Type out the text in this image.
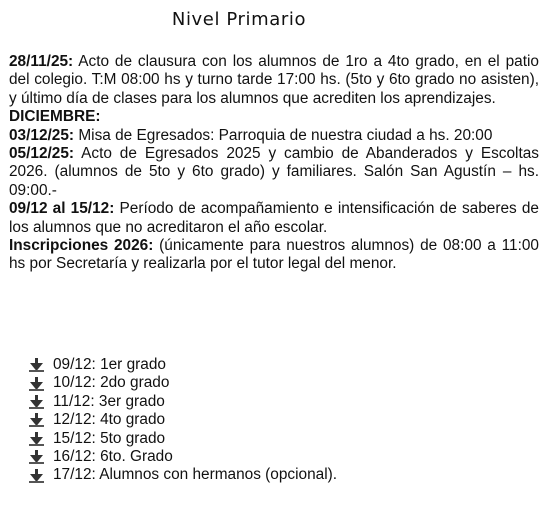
Nivel Primario

28/11/25: Acto de clausura con los alumnos de 1ro a 4to grado, en el patio del colegio. T:M 08:00 hs y turno tarde 17:00 hs. (5to y 6to grado no asisten), y último día de clases para los alumnos que acrediten los aprendizajes.

DICIEMBRE:

03/12/25: Misa de Egresados: Parroquia de nuestra ciudad a hs. 20:00

05/12/25: Acto de Egresados 2025 y cambio de Abanderados y Escoltas 2026. (alumnos de 5to y 6to grado) y familiares. Salón San Agustín – hs. 09:00.-

09/12 al 15/12: Período de acompañamiento e intensificación de saberes de los alumnos que no acreditaron el año escolar.

Inscripciones 2026: (únicamente para nuestros alumnos) de 08:00 a 11:00 hs por Secretaría y realizarla por el tutor legal del menor.

09/12: 1er grado
10/12: 2do grado
11/12: 3er grado
12/12: 4to grado
15/12: 5to grado
16/12: 6to. Grado
17/12: Alumnos con hermanos (opcional).
